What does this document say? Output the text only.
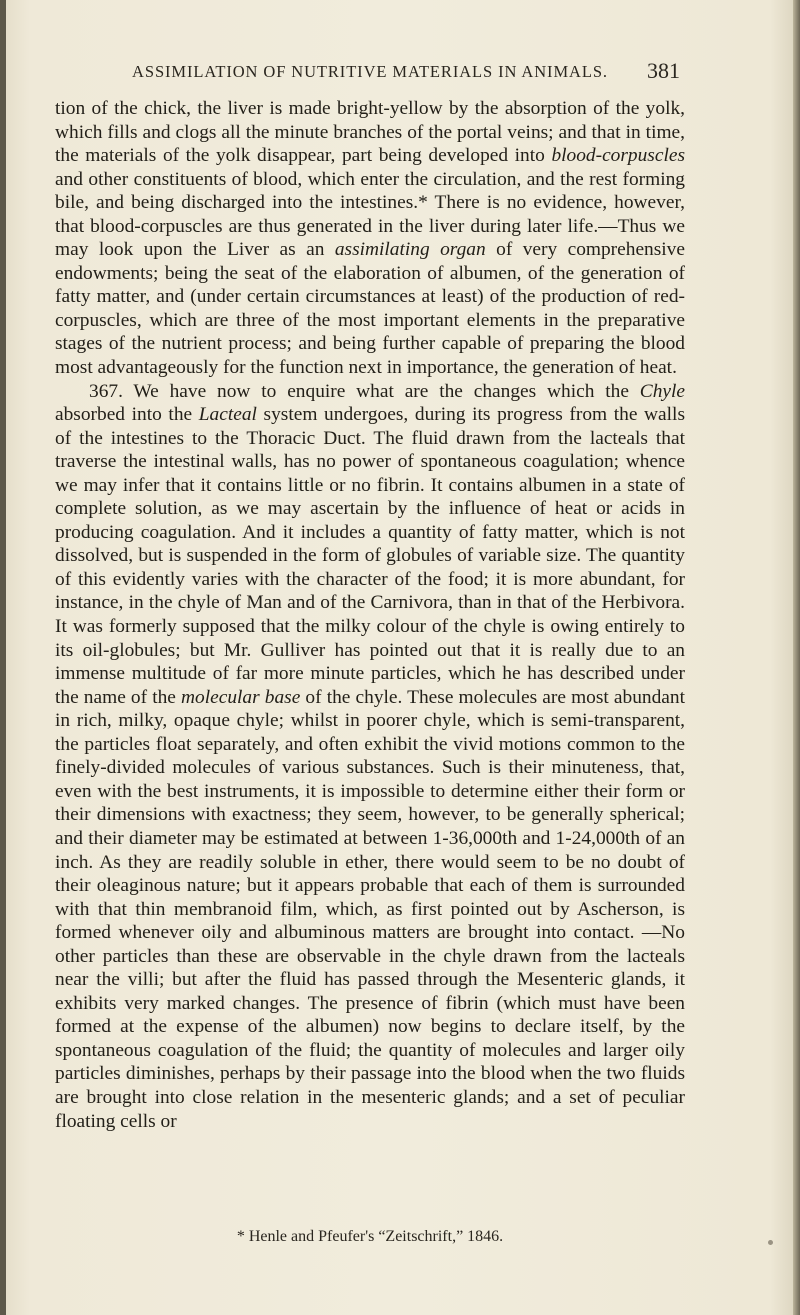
ASSIMILATION OF NUTRITIVE MATERIALS IN ANIMALS.	381

tion of the chick, the liver is made bright-yellow by the absorption of the yolk, which fills and clogs all the minute branches of the portal veins; and that in time, the materials of the yolk disappear, part being developed into blood-corpuscles and other constituents of blood, which enter the circulation, and the rest forming bile, and being discharged into the intestines.* There is no evidence, however, that blood-corpuscles are thus generated in the liver during later life.—Thus we may look upon the Liver as an assimilating organ of very comprehensive endowments; being the seat of the elaboration of albumen, of the generation of fatty matter, and (under certain circumstances at least) of the production of red-corpuscles, which are three of the most important elements in the preparative stages of the nutrient process; and being further capable of preparing the blood most advantageously for the function next in importance, the generation of heat.

367. We have now to enquire what are the changes which the Chyle absorbed into the Lacteal system undergoes, during its progress from the walls of the intestines to the Thoracic Duct. The fluid drawn from the lacteals that traverse the intestinal walls, has no power of spontaneous coagulation; whence we may infer that it contains little or no fibrin. It contains albumen in a state of complete solution, as we may ascertain by the influence of heat or acids in producing coagulation. And it includes a quantity of fatty matter, which is not dissolved, but is suspended in the form of globules of variable size. The quantity of this evidently varies with the character of the food; it is more abundant, for instance, in the chyle of Man and of the Carnivora, than in that of the Herbivora. It was formerly supposed that the milky colour of the chyle is owing entirely to its oil-globules; but Mr. Gulliver has pointed out that it is really due to an immense multitude of far more minute particles, which he has described under the name of the molecular base of the chyle. These molecules are most abundant in rich, milky, opaque chyle; whilst in poorer chyle, which is semi-transparent, the particles float separately, and often exhibit the vivid motions common to the finely-divided molecules of various substances. Such is their minuteness, that, even with the best instruments, it is impossible to determine either their form or their dimensions with exactness; they seem, however, to be generally spherical; and their diameter may be estimated at between 1-36,000th and 1-24,000th of an inch. As they are readily soluble in ether, there would seem to be no doubt of their oleaginous nature; but it appears probable that each of them is surrounded with that thin membranoid film, which, as first pointed out by Ascherson, is formed whenever oily and albuminous matters are brought into contact. —No other particles than these are observable in the chyle drawn from the lacteals near the villi; but after the fluid has passed through the Mesenteric glands, it exhibits very marked changes. The presence of fibrin (which must have been formed at the expense of the albumen) now begins to declare itself, by the spontaneous coagulation of the fluid; the quantity of molecules and larger oily particles diminishes, perhaps by their passage into the blood when the two fluids are brought into close relation in the mesenteric glands; and a set of peculiar floating cells or

* Henle and Pfeufer's “Zeitschrift,” 1846.
